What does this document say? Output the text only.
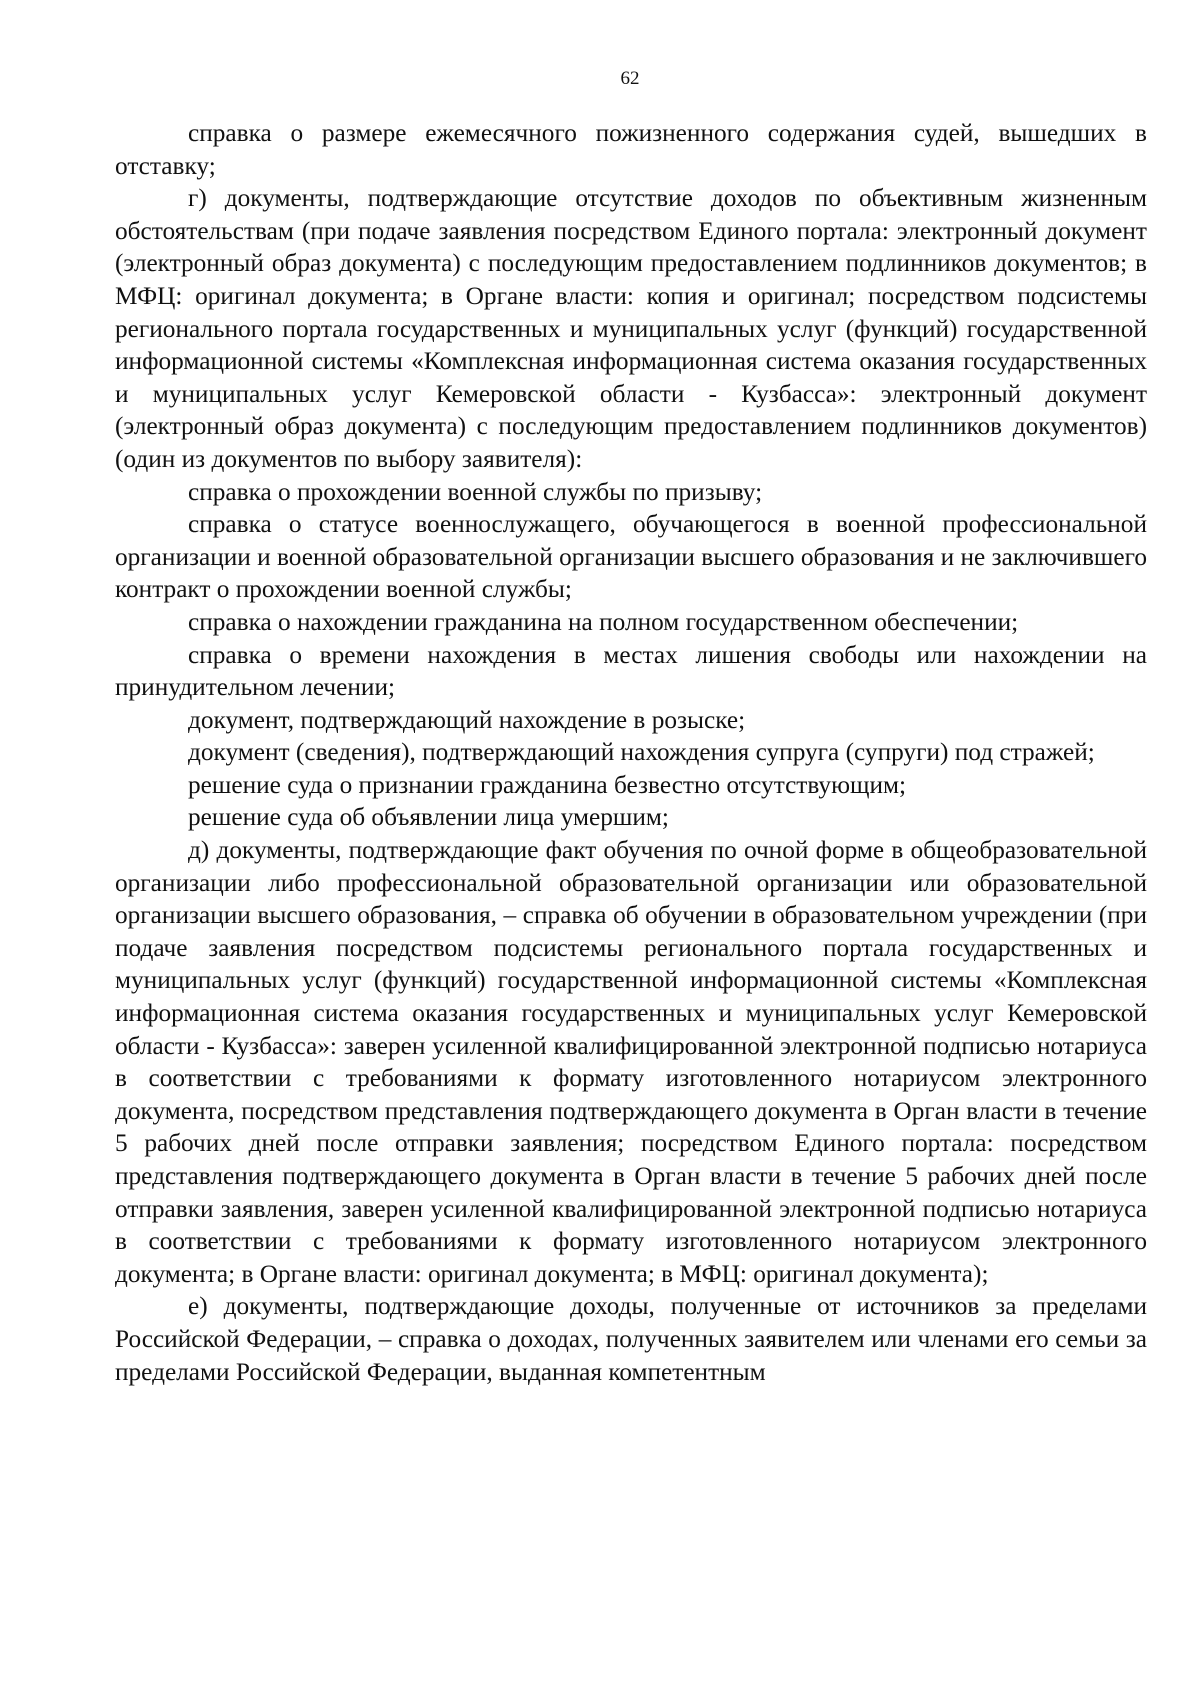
62

справка о размере ежемесячного пожизненного содержания судей, вышедших в отставку;

г) документы, подтверждающие отсутствие доходов по объективным жизненным обстоятельствам (при подаче заявления посредством Единого портала: электронный документ (электронный образ документа) с последующим предоставлением подлинников документов; в МФЦ: оригинал документа; в Органе власти: копия и оригинал; посредством подсистемы регионального портала государственных и муниципальных услуг (функций) государственной информационной системы «Комплексная информационная система оказания государственных и муниципальных услуг Кемеровской области - Кузбасса»: электронный документ (электронный образ документа) с последующим предоставлением подлинников документов) (один из документов по выбору заявителя):

справка о прохождении военной службы по призыву;

справка о статусе военнослужащего, обучающегося в военной профессиональной организации и военной образовательной организации высшего образования и не заключившего контракт о прохождении военной службы;

справка о нахождении гражданина на полном государственном обеспечении;

справка о времени нахождения в местах лишения свободы или нахождении на принудительном лечении;

документ, подтверждающий нахождение в розыске;

документ (сведения), подтверждающий нахождения супруга (супруги) под стражей;

решение суда о признании гражданина безвестно отсутствующим;

решение суда об объявлении лица умершим;

д) документы, подтверждающие факт обучения по очной форме в общеобразовательной организации либо профессиональной образовательной организации или образовательной организации высшего образования, – справка об обучении в образовательном учреждении (при подаче заявления посредством подсистемы регионального портала государственных и муниципальных услуг (функций) государственной информационной системы «Комплексная информационная система оказания государственных и муниципальных услуг Кемеровской области - Кузбасса»: заверен усиленной квалифицированной электронной подписью нотариуса в соответствии с требованиями к формату изготовленного нотариусом электронного документа, посредством представления подтверждающего документа в Орган власти в течение 5 рабочих дней после отправки заявления; посредством Единого портала: посредством представления подтверждающего документа в Орган власти в течение 5 рабочих дней после отправки заявления, заверен усиленной квалифицированной электронной подписью нотариуса в соответствии с требованиями к формату изготовленного нотариусом электронного документа; в Органе власти: оригинал документа; в МФЦ: оригинал документа);

е) документы, подтверждающие доходы, полученные от источников за пределами Российской Федерации, – справка о доходах, полученных заявителем или членами его семьи за пределами Российской Федерации, выданная компетентным
